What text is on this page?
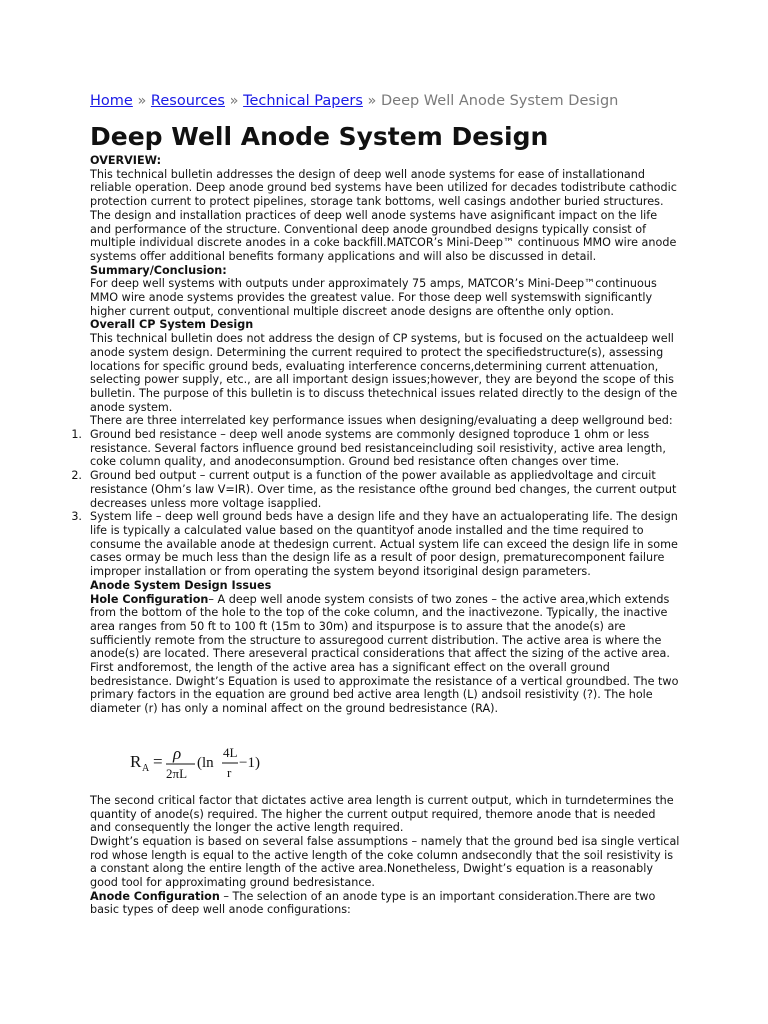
Home » Resources » Technical Papers » Deep Well Anode System Design
Deep Well Anode System Design

OVERVIEW:

This technical bulletin addresses the design of deep well anode systems for ease of installationand reliable operation. Deep anode ground bed systems have been utilized for decades todistribute cathodic protection current to protect pipelines, storage tank bottoms, well casings andother buried structures. The design and installation practices of deep well anode systems have asignificant impact on the life and performance of the structure. Conventional deep anode groundbed designs typically consist of multiple individual discrete anodes in a coke backfill.MATCOR’s Mini-Deep™ continuous MMO wire anode systems offer additional benefits formany applications and will also be discussed in detail.

Summary/Conclusion:

For deep well systems with outputs under approximately 75 amps, MATCOR’s Mini-Deep™continuous MMO wire anode systems provides the greatest value. For those deep well systemswith significantly higher current output, conventional multiple discreet anode designs are oftenthe only option.

Overall CP System Design

This technical bulletin does not address the design of CP systems, but is focused on the actualdeep well anode system design. Determining the current required to protect the specifiedstructure(s), assessing locations for specific ground beds, evaluating interference concerns,determining current attenuation, selecting power supply, etc., are all important design issues;however, they are beyond the scope of this bulletin. The purpose of this bulletin is to discuss thetechnical issues related directly to the design of the anode system.

There are three interrelated key performance issues when designing/evaluating a deep wellground bed:

1. Ground bed resistance – deep well anode systems are commonly designed toproduce 1 ohm or less resistance. Several factors influence ground bed resistanceincluding soil resistivity, active area length, coke column quality, and anodeconsumption. Ground bed resistance often changes over time.
2. Ground bed output – current output is a function of the power available as appliedvoltage and circuit resistance (Ohm’s law V=IR). Over time, as the resistance ofthe ground bed changes, the current output decreases unless more voltage isapplied.
3. System life – deep well ground beds have a design life and they have an actualoperating life. The design life is typically a calculated value based on the quantityof anode installed and the time required to consume the available anode at thedesign current. Actual system life can exceed the design life in some cases ormay be much less than the design life as a result of poor design, prematurecomponent failure improper installation or from operating the system beyond itsoriginal design parameters.

Anode System Design Issues

Hole Configuration– A deep well anode system consists of two zones – the active area,which extends from the bottom of the hole to the top of the coke column, and the inactivezone. Typically, the inactive area ranges from 50 ft to 100 ft (15m to 30m) and itspurpose is to assure that the anode(s) are sufficiently remote from the structure to assuregood current distribution. The active area is where the anode(s) are located. There areseveral practical considerations that affect the sizing of the active area. First andforemost, the length of the active area has a significant effect on the overall ground bedresistance. Dwight’s Equation is used to approximate the resistance of a vertical groundbed. The two primary factors in the equation are ground bed active area length (L) andsoil resistivity (?). The hole diameter (r) has only a nominal affect on the ground bedresistance (RA).

R A = ρ
2πL
(ln
4L
r
−1)

The second critical factor that dictates active area length is current output, which in turndetermines the quantity of anode(s) required. The higher the current output required, themore anode that is needed and consequently the longer the active length required.

Dwight’s equation is based on several false assumptions – namely that the ground bed isa single vertical rod whose length is equal to the active length of the coke column andsecondly that the soil resistivity is a constant along the entire length of the active area.Nonetheless, Dwight’s equation is a reasonably good tool for approximating ground bedresistance.

Anode Configuration – The selection of an anode type is an important consideration.There are two basic types of deep well anode configurations:
